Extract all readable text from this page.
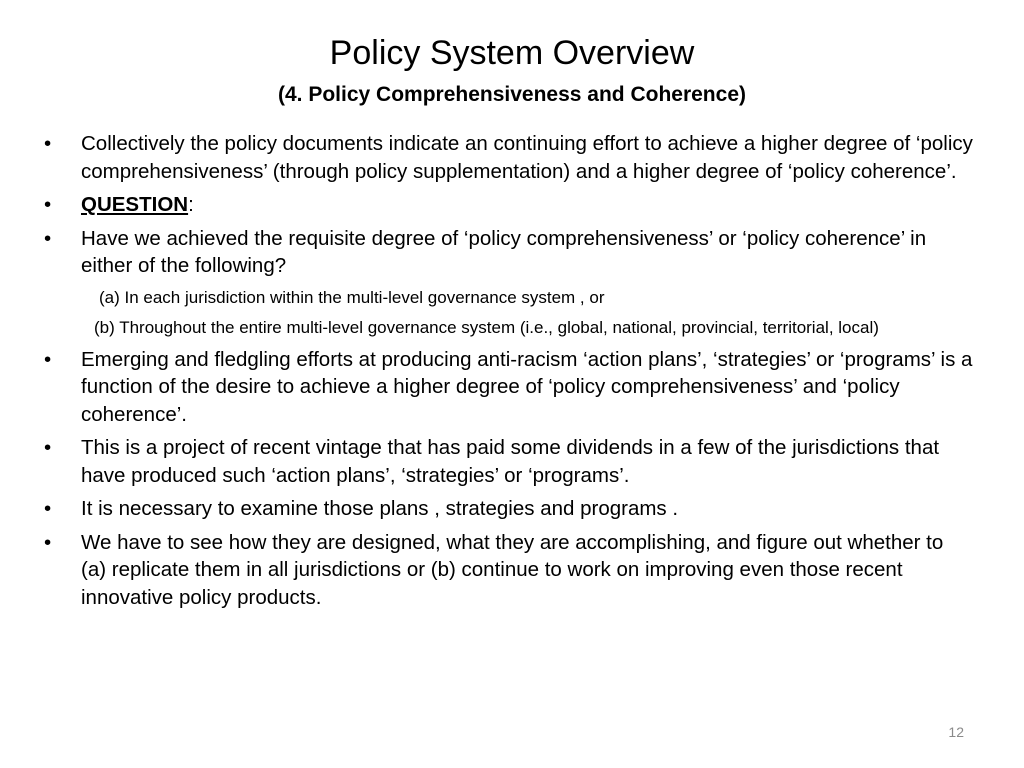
Policy System Overview
(4. Policy Comprehensiveness and Coherence)
• Collectively the policy documents indicate an continuing effort to achieve a higher degree of ‘policy comprehensiveness’ (through policy supplementation) and a higher degree of ‘policy coherence’.
• QUESTION:
• Have we achieved the requisite degree of ‘policy comprehensiveness’ or ‘policy coherence’ in either of the following?
(a) In each jurisdiction within the multi-level governance system , or
(b) Throughout the entire multi-level governance system (i.e., global, national, provincial, territorial, local)
• Emerging and fledgling efforts at producing anti-racism ‘action plans’, ‘strategies’ or ‘programs’ is a function of the desire to achieve a higher degree of ‘policy comprehensiveness’ and ‘policy coherence’.
• This is a project of recent vintage that has paid some dividends in a few of the jurisdictions that have produced such ‘action plans’, ‘strategies’ or ‘programs’.
• It is necessary to examine those plans , strategies and programs .
• We have to see how they are designed, what they are accomplishing, and figure out whether to (a) replicate them in all jurisdictions or (b) continue to work on improving even those recent innovative policy products.
12
